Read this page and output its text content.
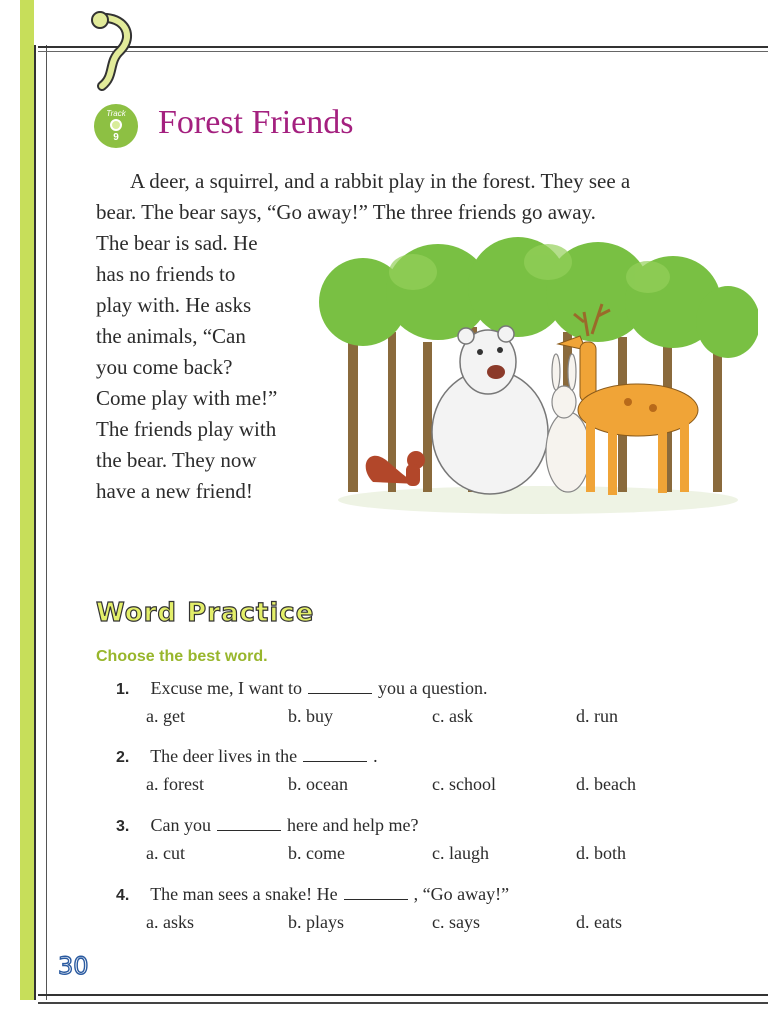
Track
9	Forest Friends
A deer, a squirrel, and a rabbit play in the forest. They see a
bear. The bear says, “Go away!” The three friends go away.
The bear is sad. He
has no friends to
play with. He asks
the animals, “Can
you come back?
Come play with me!”
The friends play with
the bear. They now
have a new friend!
Word Practice
Choose the best word.
1. Excuse me, I want to	you a question.
a. get	b. buy	c. ask	d. run
2. The deer lives in the	.
a. forest	b. ocean	c. school	d. beach
3. Can you	here and help me?
a. cut	b. come	c. laugh	d. both
4. The man sees a snake! He	, “Go away!”
a. asks	b. plays	c. says	d. eats
30
